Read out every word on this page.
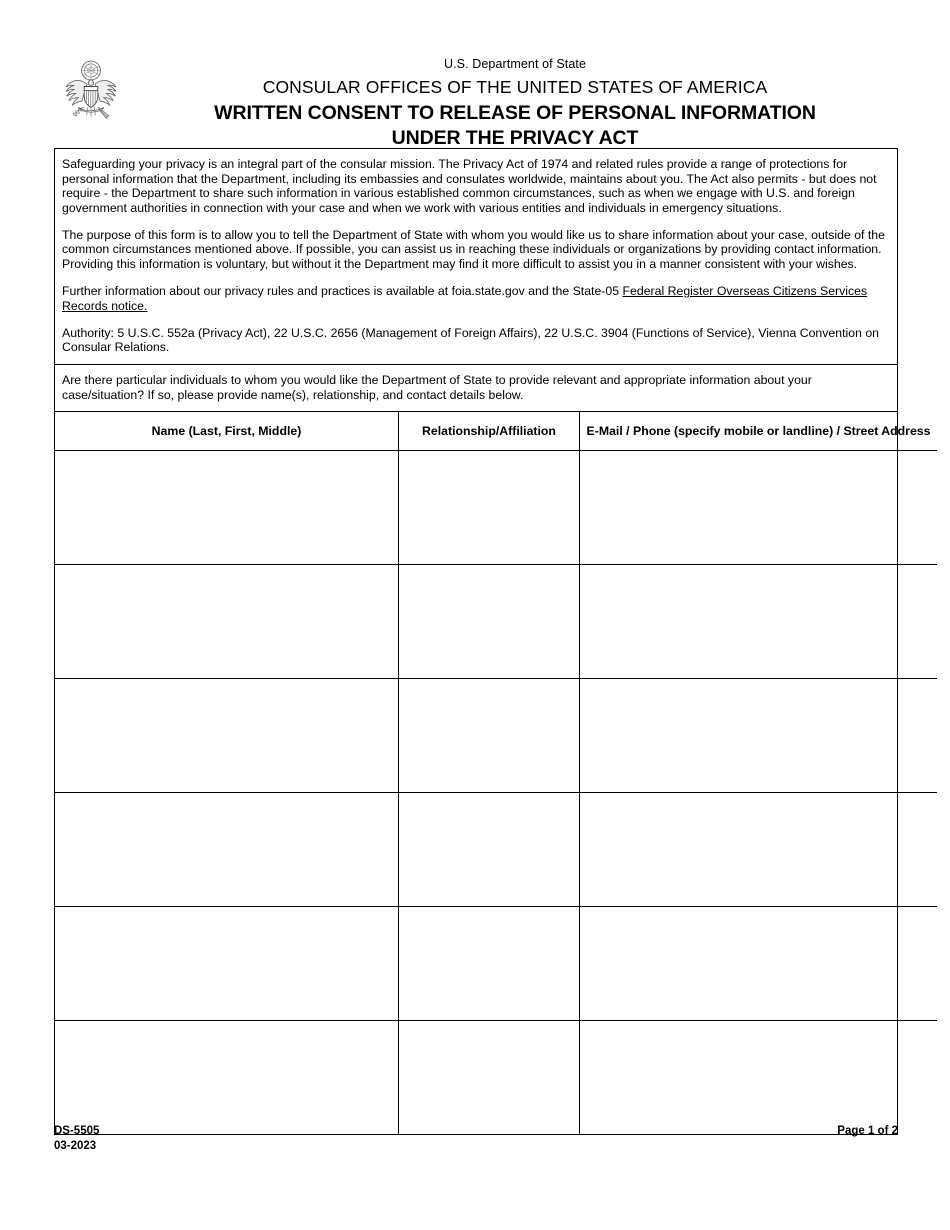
U.S. Department of State
CONSULAR OFFICES OF THE UNITED STATES OF AMERICA
WRITTEN CONSENT TO RELEASE OF PERSONAL INFORMATION
UNDER THE PRIVACY ACT

Safeguarding your privacy is an integral part of the consular mission. The Privacy Act of 1974 and related rules provide a range of protections for personal information that the Department, including its embassies and consulates worldwide, maintains about you. The Act also permits - but does not require - the Department to share such information in various established common circumstances, such as when we engage with U.S. and foreign government authorities in connection with your case and when we work with various entities and individuals in emergency situations.

The purpose of this form is to allow you to tell the Department of State with whom you would like us to share information about your case, outside of the common circumstances mentioned above. If possible, you can assist us in reaching these individuals or organizations by providing contact information. Providing this information is voluntary, but without it the Department may find it more difficult to assist you in a manner consistent with your wishes.

Further information about our privacy rules and practices is available at foia.state.gov and the State-05 Federal Register Overseas Citizens Services Records notice.

Authority: 5 U.S.C. 552a (Privacy Act), 22 U.S.C. 2656 (Management of Foreign Affairs), 22 U.S.C. 3904 (Functions of Service), Vienna Convention on Consular Relations.

Are there particular individuals to whom you would like the Department of State to provide relevant and appropriate information about your case/situation? If so, please provide name(s), relationship, and contact details below.

Name (Last, First, Middle)	Relationship/Affiliation	E-Mail / Phone (specify mobile or landline) / Street Address

DS-5505
03-2023
Page 1 of 2
